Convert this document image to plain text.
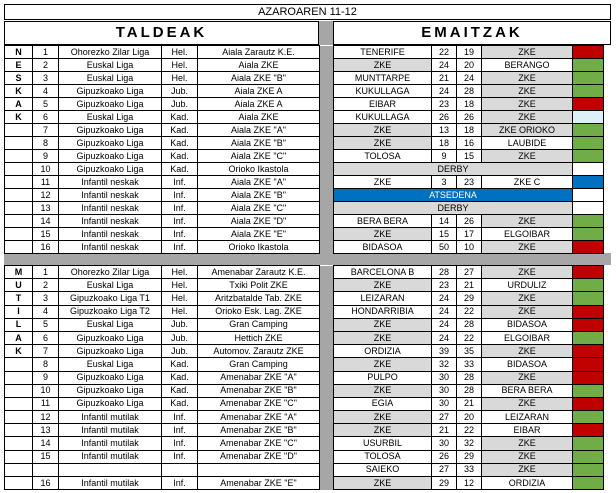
AZAROAREN 11-12
TALDEAK	EMAITZAK
N	1	Ohorezko Zilar Liga	Hel.	Aiala Zarautz K.E.		TENERIFE	22	19	ZKE	
E	2	Euskal Liga	Hel.	Aiala ZKE		ZKE	24	20	BERANGO	
S	3	Euskal Liga	Hel.	Aiala ZKE "B"		MUNTTARPE	21	24	ZKE	
K	4	Gipuzkoako Liga	Jub.	Aiala ZKE A		KUKULLAGA	24	28	ZKE	
A	5	Gipuzkoako Liga	Jub.	Aiala ZKE A		EIBAR	23	18	ZKE	
K	6	Euskal Liga	Kad.	Aiala ZKE		KUKULLAGA	26	26	ZKE	
	7	Gipuzkoako Liga	Kad.	Aiala ZKE "A"		ZKE	13	18	ZKE ORIOKO	
	8	Gipuzkoako Liga	Kad.	Aiala ZKE "B"		ZKE	18	16	LAUBIDE	
	9	Gipuzkoako Liga	Kad.	Aiala ZKE "C"		TOLOSA	9	15	ZKE	
	10	Gipuzkoako Liga	Kad.	Orioko Ikastola		DERBY				
	11	Infantil neskak	Inf.	Aiala ZKE "A"		ZKE	3	23	ZKE C	
	12	Infantil neskak	Inf.	Aiala ZKE "B"		ATSEDENA				
	13	Infantil neskak	Inf.	Aiala ZKE "C"		DERBY				
	14	Infantil neskak	Inf.	Aiala ZKE "D"		BERA BERA	14	26	ZKE	
	15	Infantil neskak	Inf.	Aiala ZKE "E"		ZKE	15	17	ELGOIBAR	
	16	Infantil neskak	Inf.	Orioko Ikastola		BIDASOA	50	10	ZKE	
M	1	Ohorezko Zilar Liga	Hel.	Amenabar Zarautz K.E.		BARCELONA B	28	27	ZKE	
U	2	Euskal Liga	Hel.	Txiki Polit ZKE		ZKE	23	21	URDULIZ	
T	3	Gipuzkoako Liga T1	Hel.	Aritzbatalde Tab. ZKE		LEIZARAN	24	29	ZKE	
I	4	Gipuzkoako Liga T2	Hel.	Orioko Esk. Lag. ZKE		HONDARRIBIA	24	22	ZKE	
L	5	Euskal Liga	Jub.	Gran Camping		ZKE	24	28	BIDASOA	
A	6	Gipuzkoako Liga	Jub.	Hettich ZKE		ZKE	24	22	ELGOIBAR	
K	7	Gipuzkoako Liga	Jub.	Automov. Zarautz ZKE		ORDIZIA	39	35	ZKE	
	8	Euskal Liga	Kad.	Gran Camping		ZKE	32	33	BIDASOA	
	9	Gipuzkoako Liga	Kad.	Amenabar ZKE "A"		PULPO	30	28	ZKE	
	10	Gipuzkoako Liga	Kad.	Amenabar ZKE "B"		ZKE	30	28	BERA BERA	
	11	Gipuzkoako Liga	Kad.	Amenabar ZKE "C"		EGIA	30	21	ZKE	
	12	Infantil mutilak	Inf.	Amenabar ZKE "A"		ZKE	27	20	LEIZARAN	
	13	Infantil mutilak	Inf.	Amenabar ZKE "B"		ZKE	21	22	EIBAR	
	14	Infantil mutilak	Inf.	Amenabar ZKE "C"		USURBIL	30	32	ZKE	
	15	Infantil mutilak	Inf.	Amenabar ZKE "D"		TOLOSA	26	29	ZKE	
						SAIEKO	27	33	ZKE	
	16	Infantil mutilak	Inf.	Amenabar ZKE "E"		ZKE	29	12	ORDIZIA	
